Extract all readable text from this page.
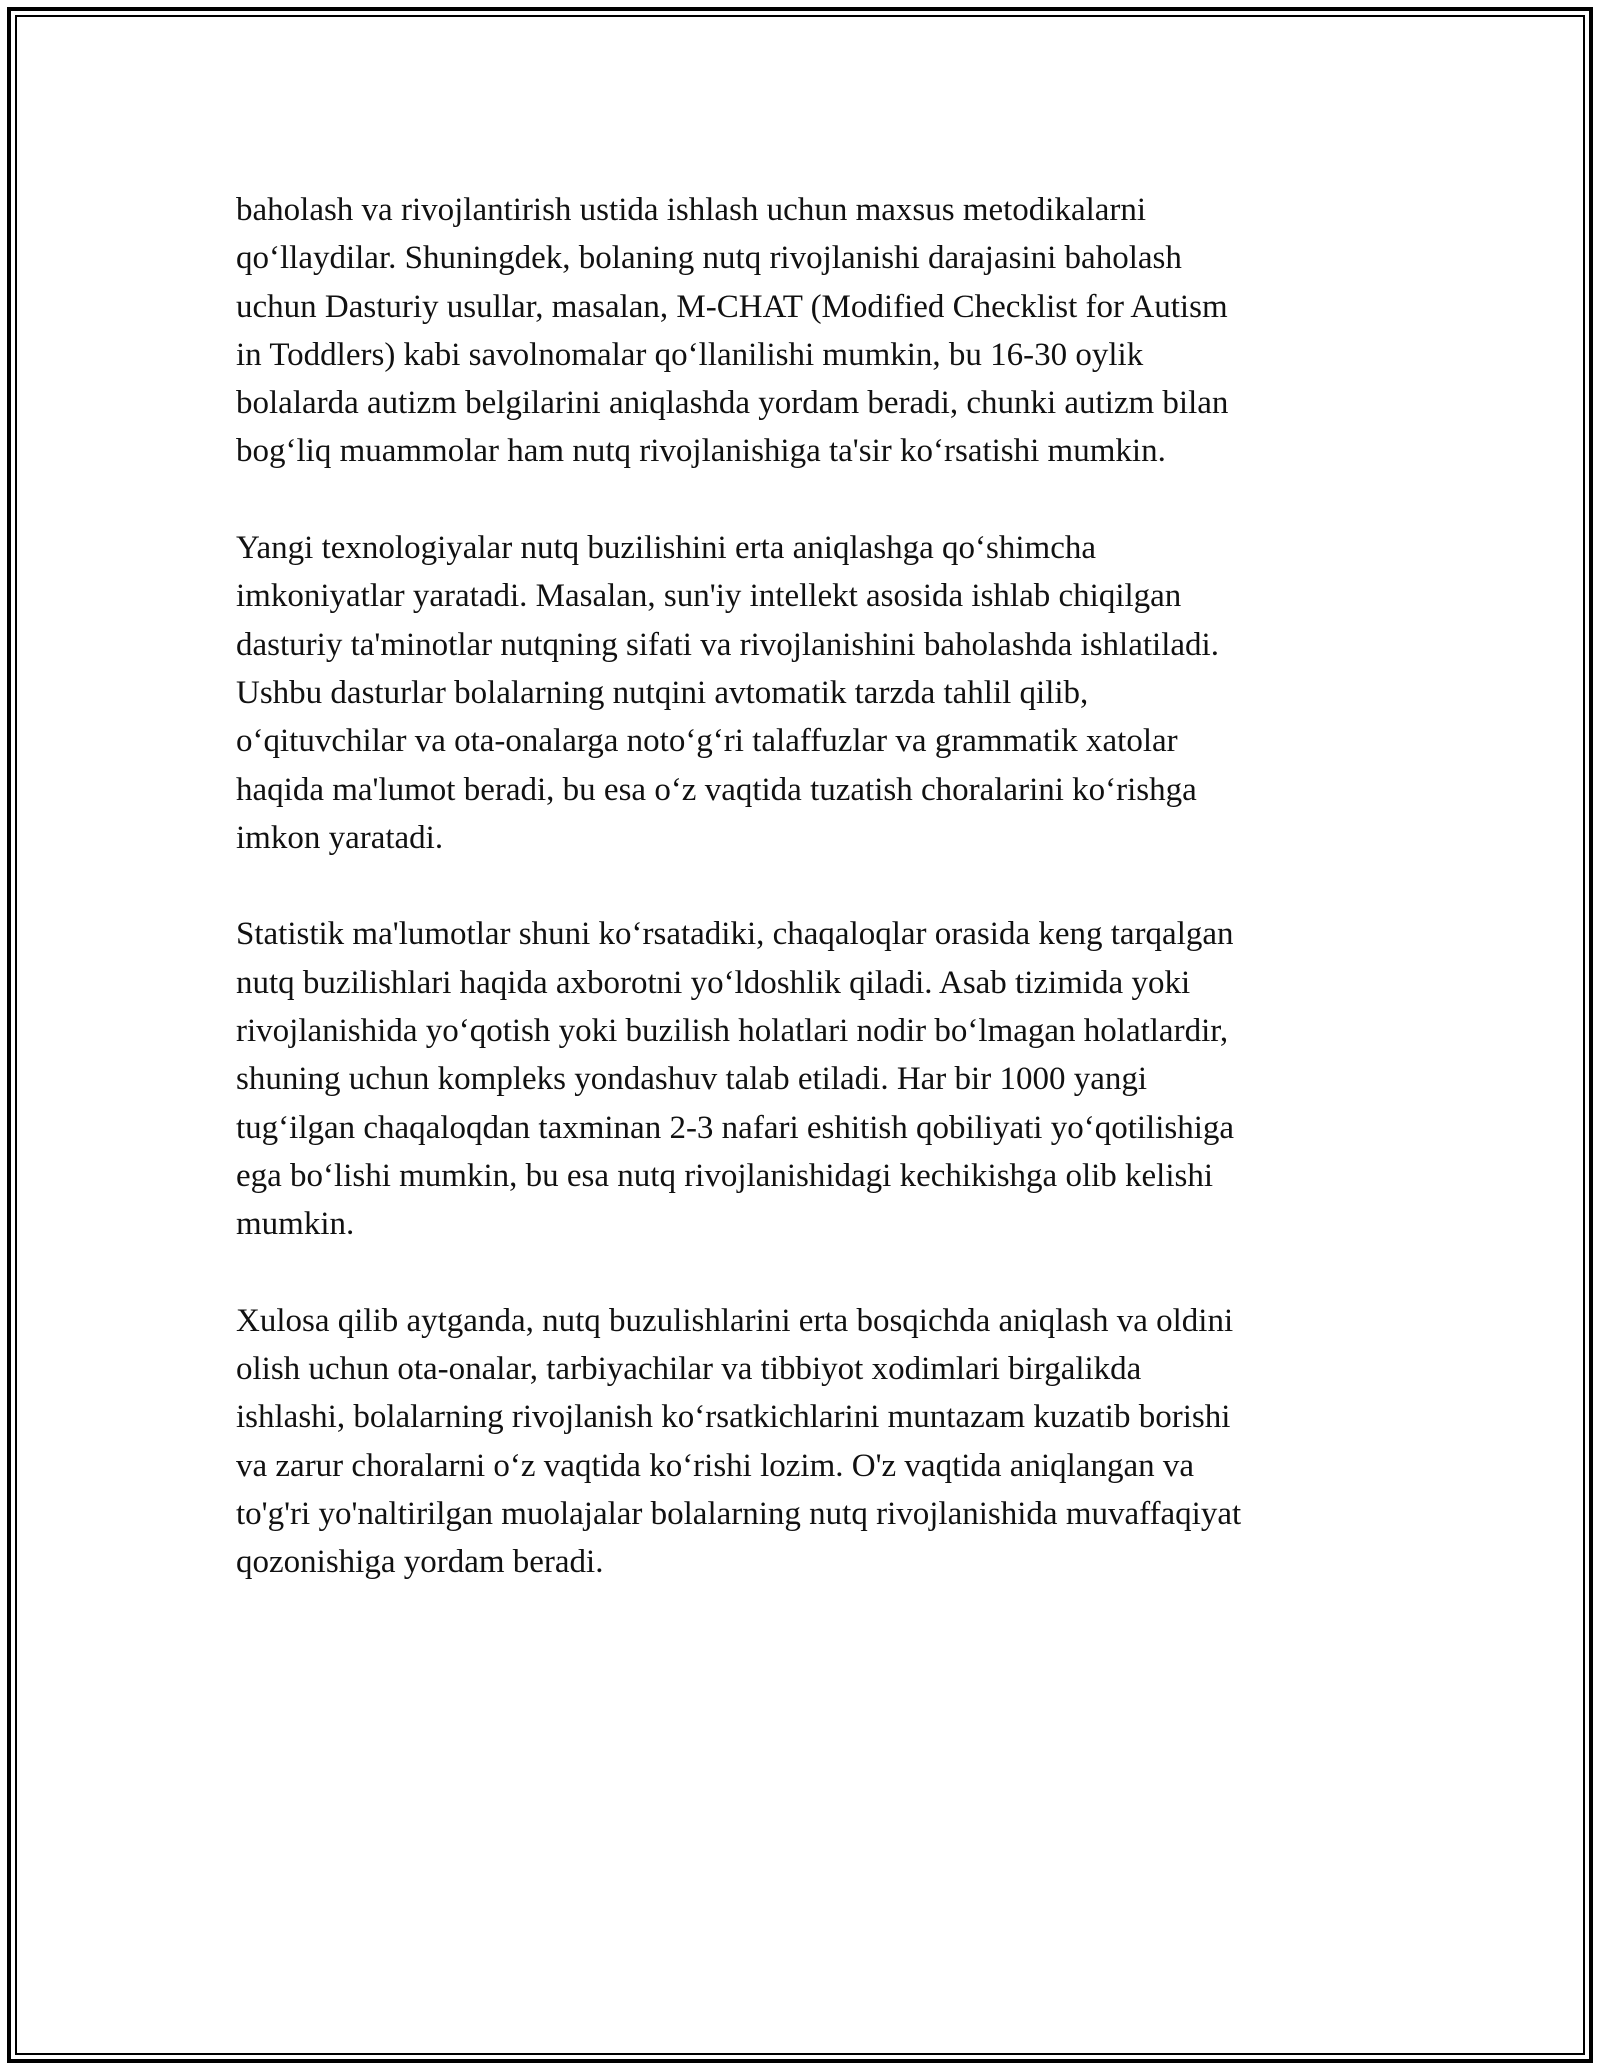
baholash va rivojlantirish ustida ishlash uchun maxsus metodikalarni
qo‘llaydilar. Shuningdek, bolaning nutq rivojlanishi darajasini baholash
uchun Dasturiy usullar, masalan, M-CHAT (Modified Checklist for Autism
in Toddlers) kabi savolnomalar qo‘llanilishi mumkin, bu 16-30 oylik
bolalarda autizm belgilarini aniqlashda yordam beradi, chunki autizm bilan
bog‘liq muammolar ham nutq rivojlanishiga ta'sir ko‘rsatishi mumkin.

Yangi texnologiyalar nutq buzilishini erta aniqlashga qo‘shimcha
imkoniyatlar yaratadi. Masalan, sun'iy intellekt asosida ishlab chiqilgan
dasturiy ta'minotlar nutqning sifati va rivojlanishini baholashda ishlatiladi.
Ushbu dasturlar bolalarning nutqini avtomatik tarzda tahlil qilib,
o‘qituvchilar va ota-onalarga noto‘g‘ri talaffuzlar va grammatik xatolar
haqida ma'lumot beradi, bu esa o‘z vaqtida tuzatish choralarini ko‘rishga
imkon yaratadi.

Statistik ma'lumotlar shuni ko‘rsatadiki, chaqaloqlar orasida keng tarqalgan
nutq buzilishlari haqida axborotni yo‘ldoshlik qiladi. Asab tizimida yoki
rivojlanishida yo‘qotish yoki buzilish holatlari nodir bo‘lmagan holatlardir,
shuning uchun kompleks yondashuv talab etiladi. Har bir 1000 yangi
tug‘ilgan chaqaloqdan taxminan 2-3 nafari eshitish qobiliyati yo‘qotilishiga
ega bo‘lishi mumkin, bu esa nutq rivojlanishidagi kechikishga olib kelishi
mumkin.

Xulosa qilib aytganda, nutq buzulishlarini erta bosqichda aniqlash va oldini
olish uchun ota-onalar, tarbiyachilar va tibbiyot xodimlari birgalikda
ishlashi, bolalarning rivojlanish ko‘rsatkichlarini muntazam kuzatib borishi
va zarur choralarni o‘z vaqtida ko‘rishi lozim. O'z vaqtida aniqlangan va
to'g'ri yo'naltirilgan muolajalar bolalarning nutq rivojlanishida muvaffaqiyat
qozonishiga yordam beradi.
